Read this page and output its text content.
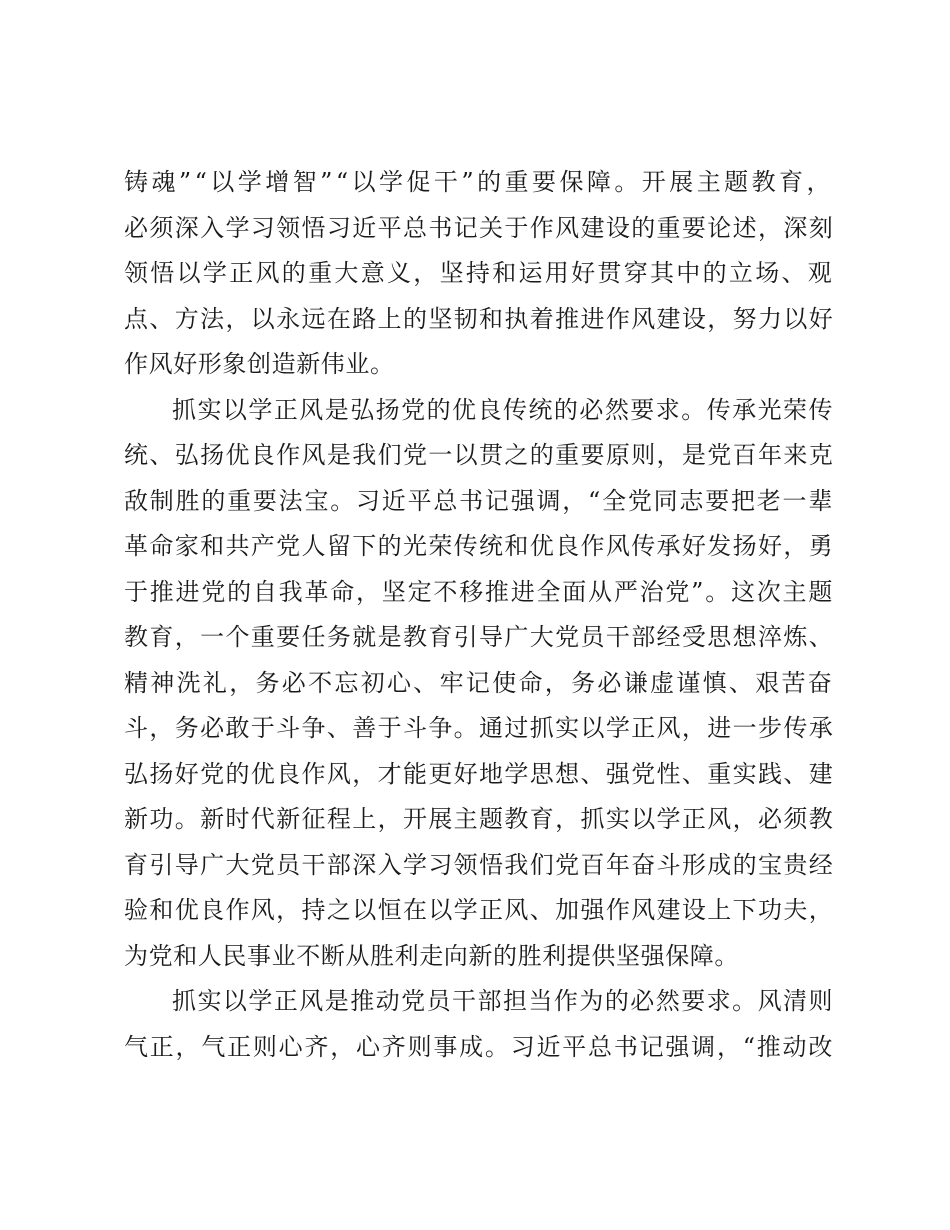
铸魂”“以学增智”“以学促干”的重要保障。开展主题教育，
必须深入学习领悟习近平总书记关于作风建设的重要论述，深刻
领悟以学正风的重大意义，坚持和运用好贯穿其中的立场、观
点、方法，以永远在路上的坚韧和执着推进作风建设，努力以好
作风好形象创造新伟业。
抓实以学正风是弘扬党的优良传统的必然要求。传承光荣传
统、弘扬优良作风是我们党一以贯之的重要原则，是党百年来克
敌制胜的重要法宝。习近平总书记强调，“全党同志要把老一辈
革命家和共产党人留下的光荣传统和优良作风传承好发扬好，勇
于推进党的自我革命，坚定不移推进全面从严治党”。这次主题
教育，一个重要任务就是教育引导广大党员干部经受思想淬炼、
精神洗礼，务必不忘初心、牢记使命，务必谦虚谨慎、艰苦奋
斗，务必敢于斗争、善于斗争。通过抓实以学正风，进一步传承
弘扬好党的优良作风，才能更好地学思想、强党性、重实践、建
新功。新时代新征程上，开展主题教育，抓实以学正风，必须教
育引导广大党员干部深入学习领悟我们党百年奋斗形成的宝贵经
验和优良作风，持之以恒在以学正风、加强作风建设上下功夫，
为党和人民事业不断从胜利走向新的胜利提供坚强保障。
抓实以学正风是推动党员干部担当作为的必然要求。风清则
气正，气正则心齐，心齐则事成。习近平总书记强调，“推动改
